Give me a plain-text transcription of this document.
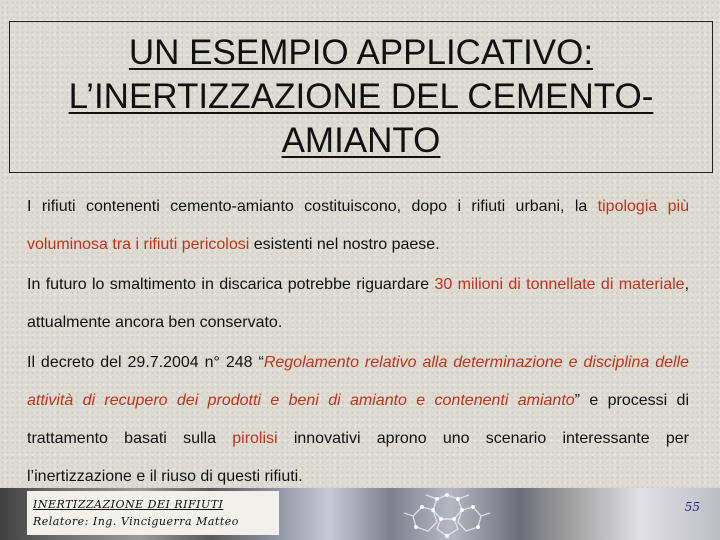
UN ESEMPIO APPLICATIVO:
L’INERTIZZAZIONE DEL CEMENTO-
AMIANTO

I rifiuti contenenti cemento-amianto costituiscono, dopo i rifiuti urbani, la tipologia più voluminosa tra i rifiuti pericolosi esistenti nel nostro paese.

In futuro lo smaltimento in discarica potrebbe riguardare 30 milioni di tonnellate di materiale, attualmente ancora ben conservato.

Il decreto del 29.7.2004 n° 248 “Regolamento relativo alla determinazione e disciplina delle attività di recupero dei prodotti e beni di amianto e contenenti amianto” e processi di trattamento basati sulla pirolisi innovativi aprono uno scenario interessante per l’inertizzazione e il riuso di questi rifiuti.

INERTIZZAZIONE DEI RIFIUTI
Relatore: Ing. Vinciguerra Matteo
55
